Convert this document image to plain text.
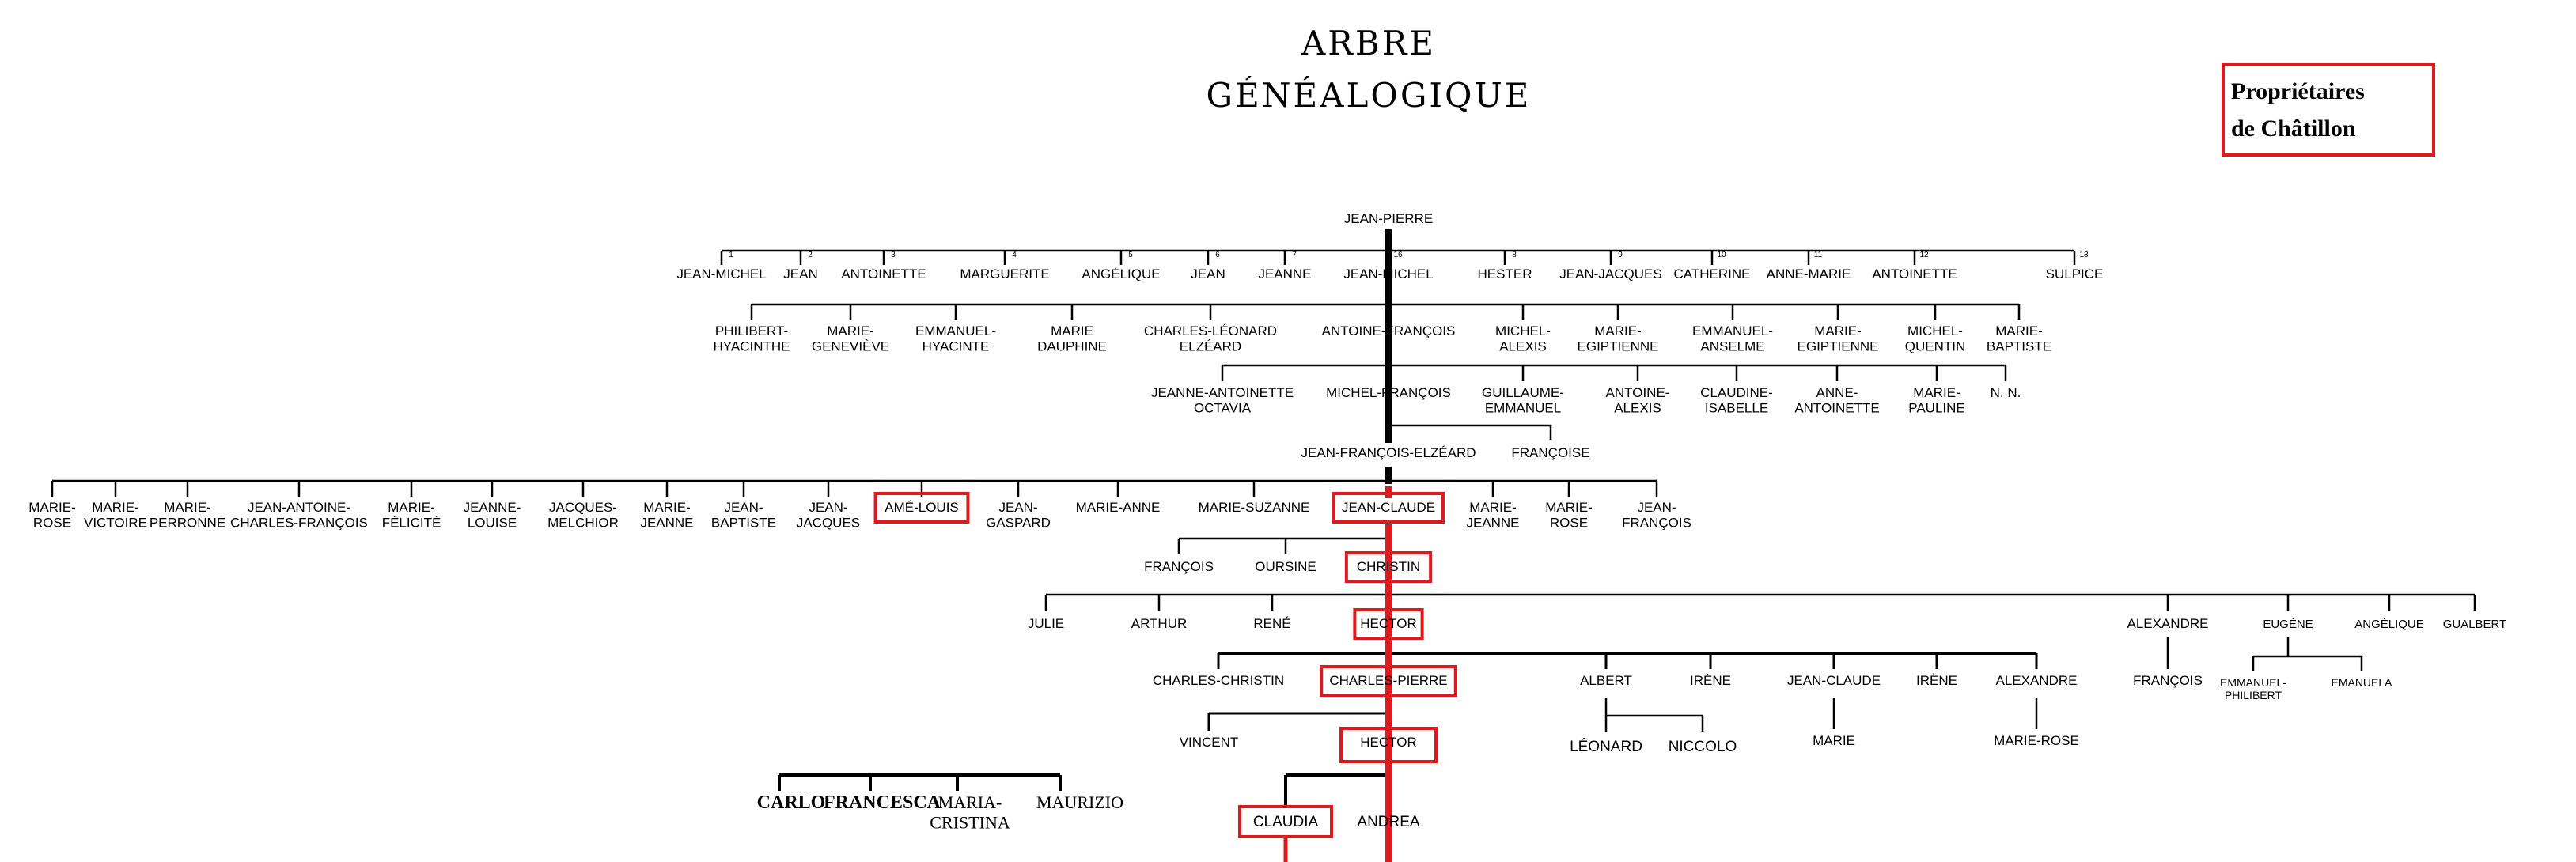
ARBRE
GÉNÉALOGIQUE	Propriétaires
de Châtillon
JEAN-PIERRE
1
JEAN-MICHEL
2
JEAN
3
ANTOINETTE
4
MARGUERITE
5
ANGÉLIQUE
6
JEAN
7
JEANNE
16
JEAN-MICHEL
8
HESTER
9
JEAN-JACQUES
10
CATHERINE
11
ANNE-MARIE
12
ANTOINETTE
13
SULPICE
PHILIBERT-HYACINTHE
MARIE-GENEVIÈVE
EMMANUEL-HYACINTE
MARIE DAUPHINE
CHARLES-LÉONARD ELZÉARD
ANTOINE-FRANÇOIS	MICHEL-ALEXIS
MARIE-EGIPTIENNE
EMMANUEL-ANSELME
MARIE-EGIPTIENNE
MICHEL-QUENTIN
MARIE-BAPTISTE
JEANNE-ANTOINETTE OCTAVIA
MICHEL-FRANÇOIS GUILLAUME-EMMANUEL
ANTOINE-ALEXIS
CLAUDINE-ISABELLE
ANNE-ANTOINETTE
MARIE-PAULINE
N. N.
JEAN-FRANÇOIS-ELZÉARD	FRANÇOISE
MARIE-ROSE
MARIE-VICTOIRE
MARIE-PERRONNE
JEAN-ANTOINE-CHARLES-FRANÇOIS
MARIE-FÉLICITÉ
JEANNE-LOUISE
JACQUES-MELCHIOR
MARIE-JEANNE
JEAN-BAPTISTE
JEAN-JACQUES
AMÉ-LOUIS	JEAN-GASPARD
MARIE-ANNE	MARIE-SUZANNE JEAN-CLAUDE	MARIE-JEANNE
MARIE-ROSE
JEAN-FRANÇOIS
FRANÇOIS	OURSINE	CHRISTIN
JULIE	ARTHUR	RENÉ	HECTOR	ALEXANDRE	EUGÈNE	ANGÉLIQUE GUALBERT
CHARLES-CHRISTIN	CHARLES-PIERRE	ALBERT	IRÈNE	JEAN-CLAUDE	IRÈNE	ALEXANDRE	FRANÇOIS EMMANUEL-PHILIBERT
EMANUELA
VINCENT	HECTOR	LÉONARD NICCOLO	MARIE	MARIE-ROSE
CARLO
FRANCESCA
MARIA-CRISTINA
MAURIZIO
CLAUDIA	ANDREA
